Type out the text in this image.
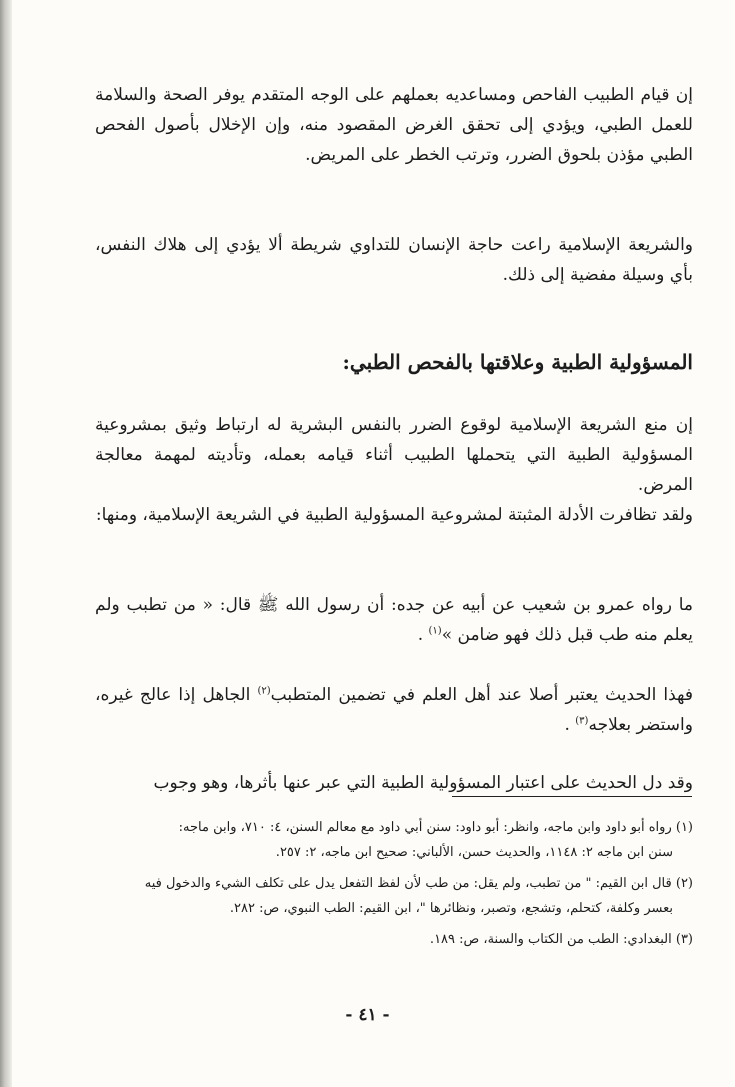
إن قيام الطبيب الفاحص ومساعديه بعملهم على الوجه المتقدم يوفر الصحة والسلامة للعمل الطبي، ويؤدي إلى تحقق الغرض المقصود منه، وإن الإخلال بأصول الفحص الطبي مؤذن بلحوق الضرر، وترتب الخطر على المريض.

والشريعة الإسلامية راعت حاجة الإنسان للتداوي شريطة ألا يؤدي إلى هلاك النفس، بأي وسيلة مفضية إلى ذلك.

المسؤولية الطبية وعلاقتها بالفحص الطبي:

إن منع الشريعة الإسلامية لوقوع الضرر بالنفس البشرية له ارتباط وثيق بمشروعية المسؤولية الطبية التي يتحملها الطبيب أثناء قيامه بعمله، وتأديته لمهمة معالجة المرض.

ولقد تظافرت الأدلة المثبتة لمشروعية المسؤولية الطبية في الشريعة الإسلامية، ومنها:

ما رواه عمرو بن شعيب عن أبيه عن جده: أن رسول الله ﷺ قال: « من تطبب ولم يعلم منه طب قبل ذلك فهو ضامن »$^{(١)}$ .

فهذا الحديث يعتبر أصلا عند أهل العلم في تضمين المتطبب$^{(٢)}$ الجاهل إذا عالج غيره، واستضر بعلاجه$^{(٣)}$ .

وقد دل الحديث على اعتبار المسؤولية الطبية التي عبر عنها بأثرها، وهو وجوب

(١) رواه أبو داود وابن ماجه، وانظر: أبو داود: سنن أبي داود مع معالم السنن، ٤: ٧١٠، وابن ماجه:

سنن ابن ماجه ٢: ١١٤٨، والحديث حسن، الألباني: صحيح ابن ماجه، ٢: ٢٥٧.

(٢) قال ابن القيم: " من تطبب، ولم يقل: من طب لأن لفظ التفعل يدل على تكلف الشيء والدخول فيه

بعسر وكلفة، كتحلم، وتشجع، وتصبر، ونظائرها "، ابن القيم: الطب النبوي، ص: ٢٨٢.

(٣) البغدادي: الطب من الكتاب والسنة، ص: ١٨٩.

- ٤١ -
